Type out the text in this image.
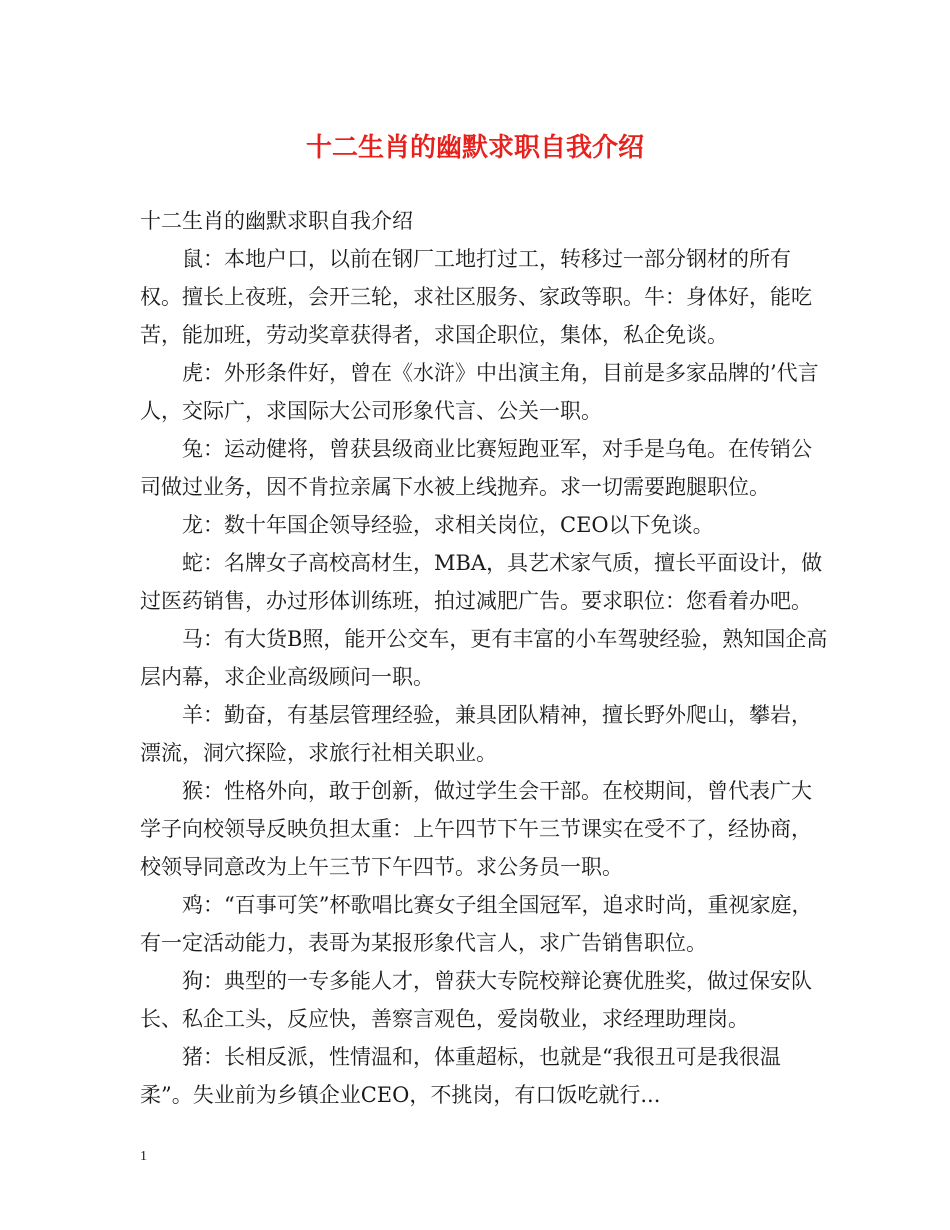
十二生肖的幽默求职自我介绍

十二生肖的幽默求职自我介绍

鼠：本地户口，以前在钢厂工地打过工，转移过一部分钢材的所有权。擅长上夜班，会开三轮，求社区服务、家政等职。牛：身体好，能吃苦，能加班，劳动奖章获得者，求国企职位，集体，私企免谈。

虎：外形条件好，曾在《水浒》中出演主角，目前是多家品牌的’代言人，交际广，求国际大公司形象代言、公关一职。

兔：运动健将，曾获县级商业比赛短跑亚军，对手是乌龟。在传销公司做过业务，因不肯拉亲属下水被上线抛弃。求一切需要跑腿职位。

龙：数十年国企领导经验，求相关岗位，CEO以下免谈。

蛇：名牌女子高校高材生，MBA，具艺术家气质，擅长平面设计，做过医药销售，办过形体训练班，拍过减肥广告。要求职位：您看着办吧。

马：有大货B照，能开公交车，更有丰富的小车驾驶经验，熟知国企高层内幕，求企业高级顾问一职。

羊：勤奋，有基层管理经验，兼具团队精神，擅长野外爬山，攀岩，漂流，洞穴探险，求旅行社相关职业。

猴：性格外向，敢于创新，做过学生会干部。在校期间，曾代表广大学子向校领导反映负担太重：上午四节下午三节课实在受不了，经协商，校领导同意改为上午三节下午四节。求公务员一职。

鸡：“百事可笑”杯歌唱比赛女子组全国冠军，追求时尚，重视家庭，有一定活动能力，表哥为某报形象代言人，求广告销售职位。

狗：典型的一专多能人才，曾获大专院校辩论赛优胜奖，做过保安队长、私企工头，反应快，善察言观色，爱岗敬业，求经理助理岗。

猪：长相反派，性情温和，体重超标，也就是“我很丑可是我很温柔”。失业前为乡镇企业CEO，不挑岗，有口饭吃就行...

1
